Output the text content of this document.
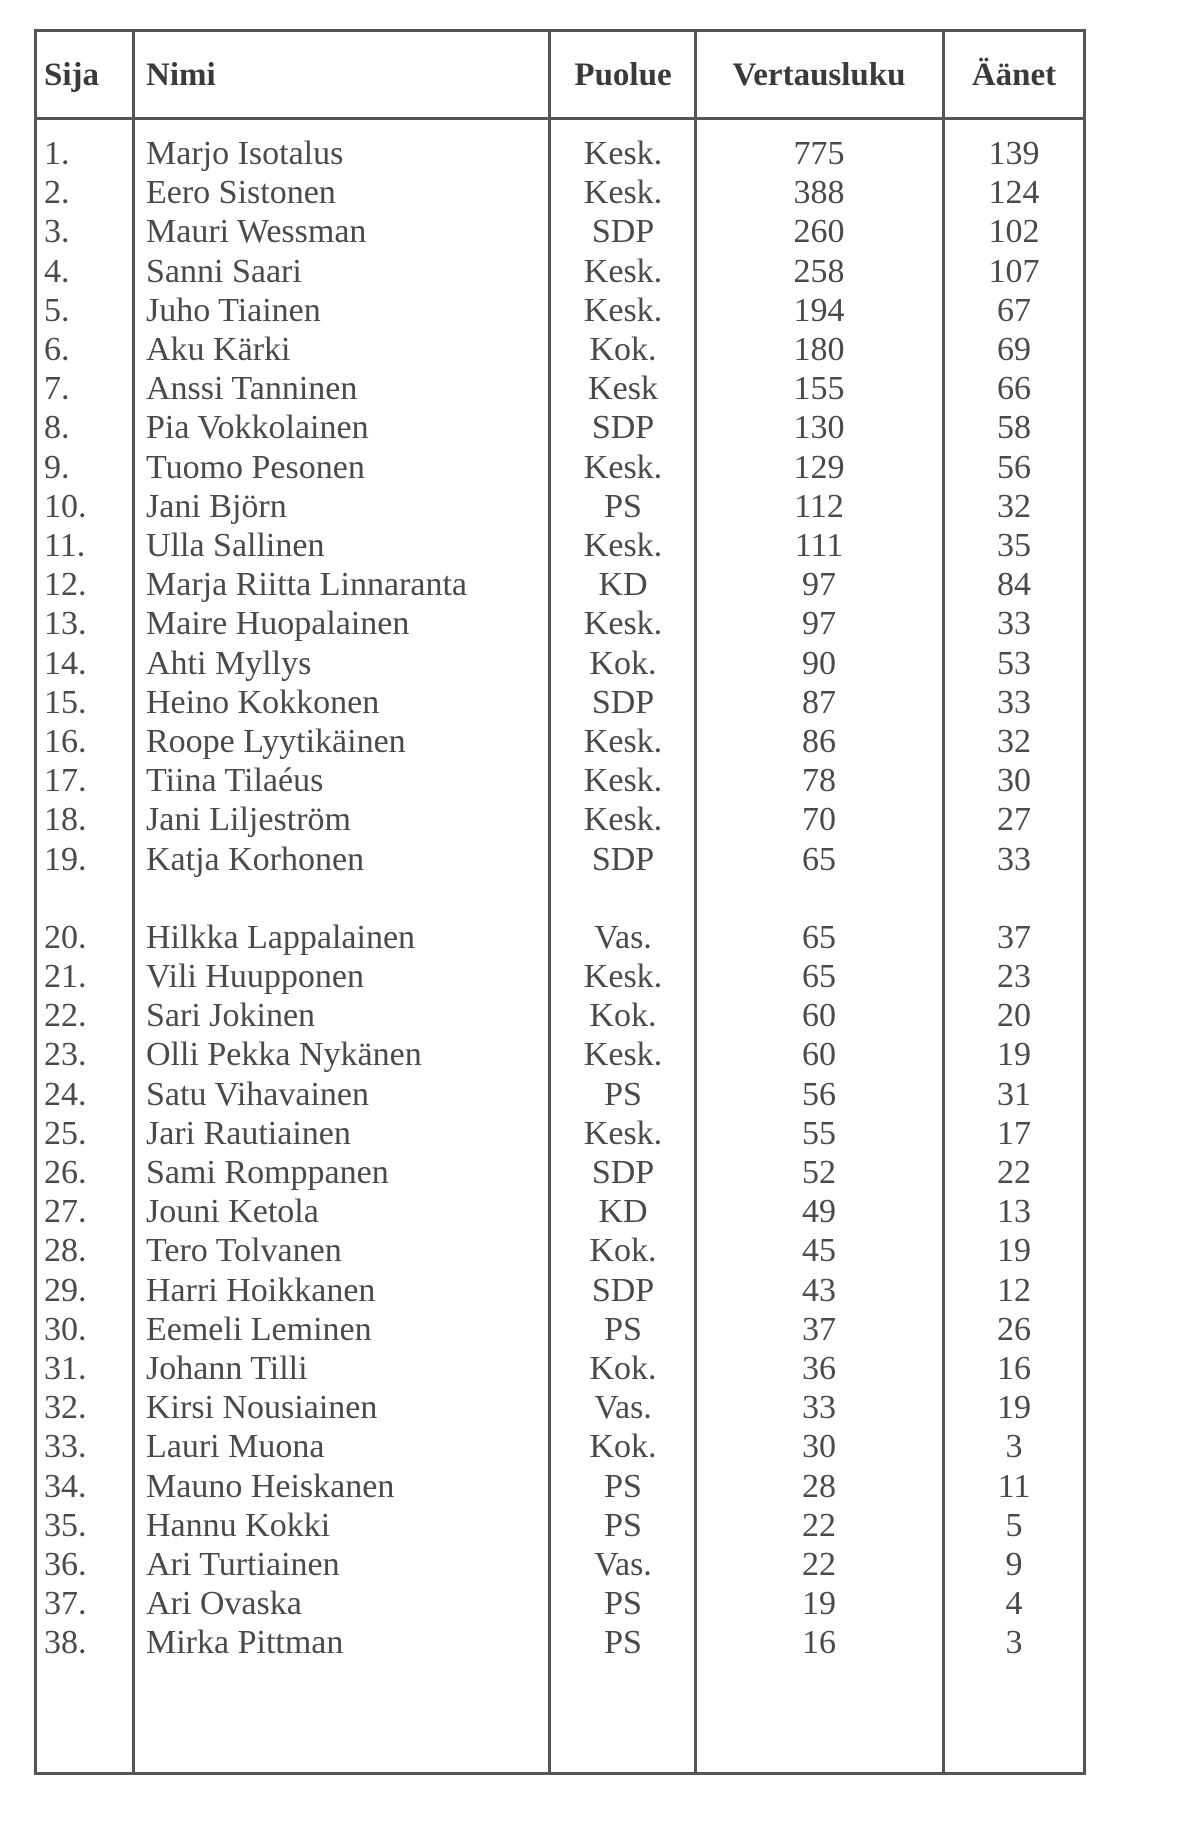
Sija Nimi	Puolue	Vertausluku	Äänet
1. Marjo Isotalus	Kesk.	775	139
2. Eero Sistonen	Kesk.	388	124
3. Mauri Wessman	SDP	260	102
4. Sanni Saari	Kesk.	258	107
5. Juho Tiainen	Kesk.	194	67
6. Aku Kärki	Kok.	180	69
7. Anssi Tanninen	Kesk	155	66
8. Pia Vokkolainen	SDP	130	58
9. Tuomo Pesonen	Kesk.	129	56
10. Jani Björn	PS	112	32
11. Ulla Sallinen	Kesk.	111	35
12. Marja Riitta Linnaranta	KD	97	84
13. Maire Huopalainen	Kesk.	97	33
14. Ahti Myllys	Kok.	90	53
15. Heino Kokkonen	SDP	87	33
16. Roope Lyytikäinen	Kesk.	86	32
17. Tiina Tilaéus	Kesk.	78	30
18. Jani Liljeström	Kesk.	70	27
19. Katja Korhonen	SDP	65	33
20. Hilkka Lappalainen	Vas.	65	37
21. Vili Huupponen	Kesk.	65	23
22. Sari Jokinen	Kok.	60	20
23. Olli Pekka Nykänen	Kesk.	60	19
24. Satu Vihavainen	PS	56	31
25. Jari Rautiainen	Kesk.	55	17
26. Sami Romppanen	SDP	52	22
27. Jouni Ketola	KD	49	13
28. Tero Tolvanen	Kok.	45	19
29. Harri Hoikkanen	SDP	43	12
30. Eemeli Leminen	PS	37	26
31. Johann Tilli	Kok.	36	16
32. Kirsi Nousiainen	Vas.	33	19
33. Lauri Muona	Kok.	30	3
34. Mauno Heiskanen	PS	28	11
35. Hannu Kokki	PS	22	5
36. Ari Turtiainen	Vas.	22	9
37. Ari Ovaska	PS	19	4
38. Mirka Pittman	PS	16	3
